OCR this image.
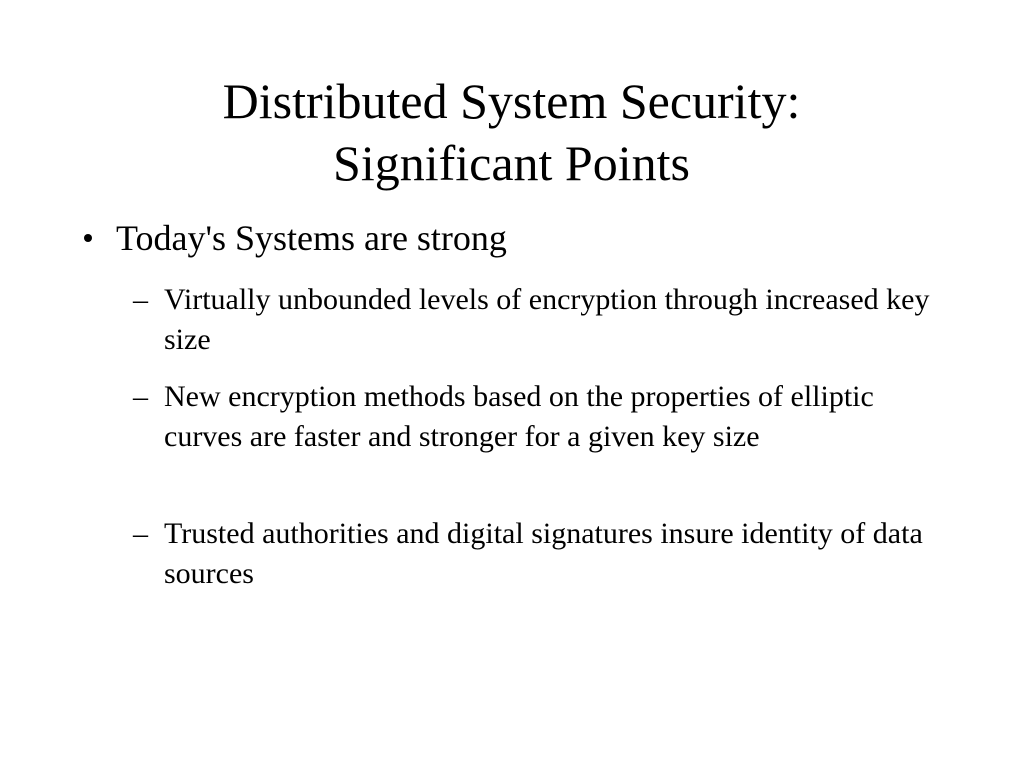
Distributed System Security:
Significant Points
Today's Systems are strong
– Virtually unbounded levels of encryption through increased key size
– New encryption methods based on the properties of elliptic curves are faster and stronger for a given key size
– Trusted authorities and digital signatures insure identity of data sources
